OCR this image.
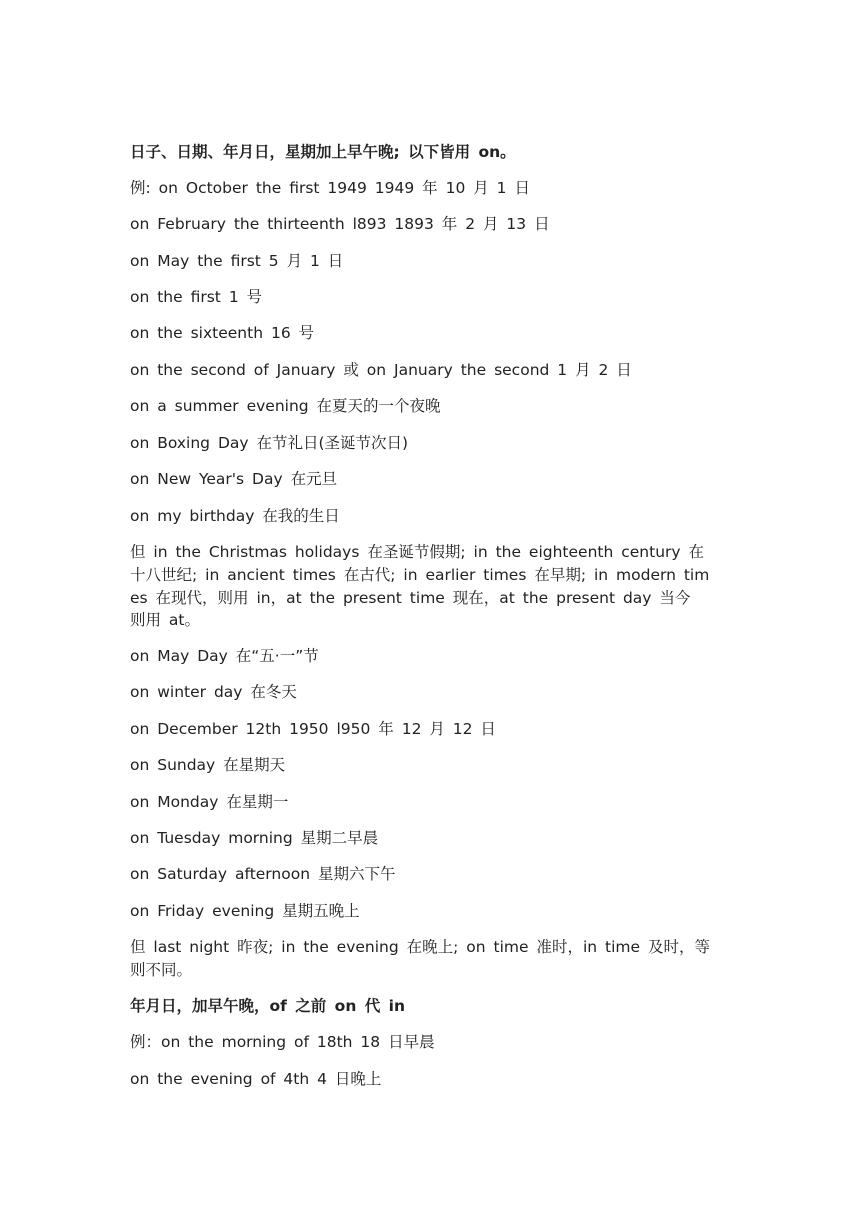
日子、日期、年月日，星期加上早午晚; 以下皆用 on。
例: on October the first 1949 1949 年 10 月 1 日
on February the thirteenth l893 1893 年 2 月 13 日
on May the first 5 月 1 日
on the first 1 号
on the sixteenth 16 号
on the second of January 或 on January the second 1 月 2 日
on a summer evening 在夏天的一个夜晚
on Boxing Day 在节礼日(圣诞节次日)
on New Year's Day 在元旦
on my birthday 在我的生日
但 in the Christmas holidays 在圣诞节假期; in the eighteenth century 在
十八世纪; in ancient times 在古代; in earlier times 在早期; in modern tim
es 在现代，则用 in，at the present time 现在，at the present day 当今
则用 at。
on May Day 在“五·一”节
on winter day 在冬天
on December 12th 1950 l950 年 12 月 12 日
on Sunday 在星期天
on Monday 在星期一
on Tuesday morning 星期二早晨
on Saturday afternoon 星期六下午
on Friday evening 星期五晚上
但 last night 昨夜; in the evening 在晚上; on time 准时，in time 及时，等
则不同。
年月日，加早午晚，of 之前 on 代 in
例：on the morning of 18th 18 日早晨
on the evening of 4th 4 日晚上
